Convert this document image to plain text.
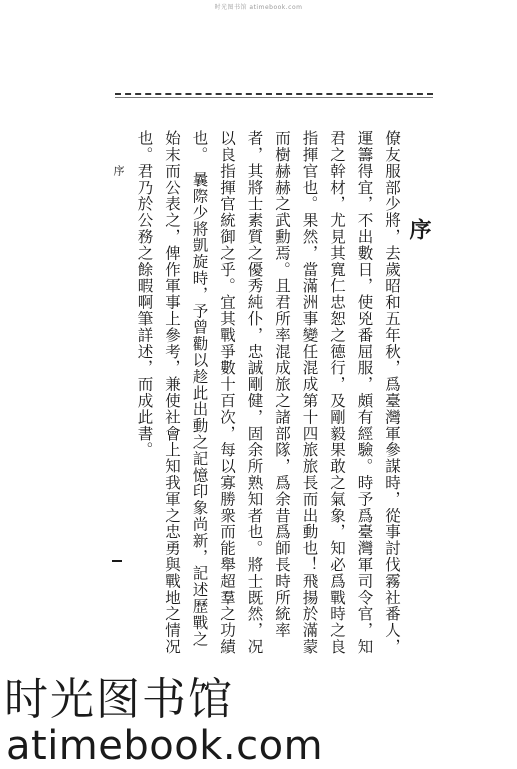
时光图书馆 atimebook.com
序
僚友服部少將，去歲昭和五年秋，爲臺灣軍參謀時，從事討伐霧社番人，運籌得宜，不出數日，使兇番屈服，頗有經驗。時予爲臺灣軍司令官，知君之幹材，尤見其寬仁忠恕之德行，及剛毅果敢之氣象，知必爲戰時之良指揮官也。果然，當滿洲事變任混成第十四旅旅長而出動也！飛揚於滿蒙而樹赫赫之武勳焉。且君所率混成旅之諸部隊，爲余昔爲師長時所統率者，其將士素質之優秀純仆，忠誠剛健，固余所熟知者也。將士既然，况以良指揮官統御之乎。宜其戰爭數十百次，每以寡勝衆而能舉超羣之功績也。　曩際少將凱旋時，予曾勸以趁此出動之記憶印象尚新，記述歷戰之始末而公表之，俾作軍事上參考，兼使社會上知我軍之忠勇與戰地之情况也。君乃於公務之餘暇啊筆詳述，而成此書。
序
时光图书馆
atimebook.com
